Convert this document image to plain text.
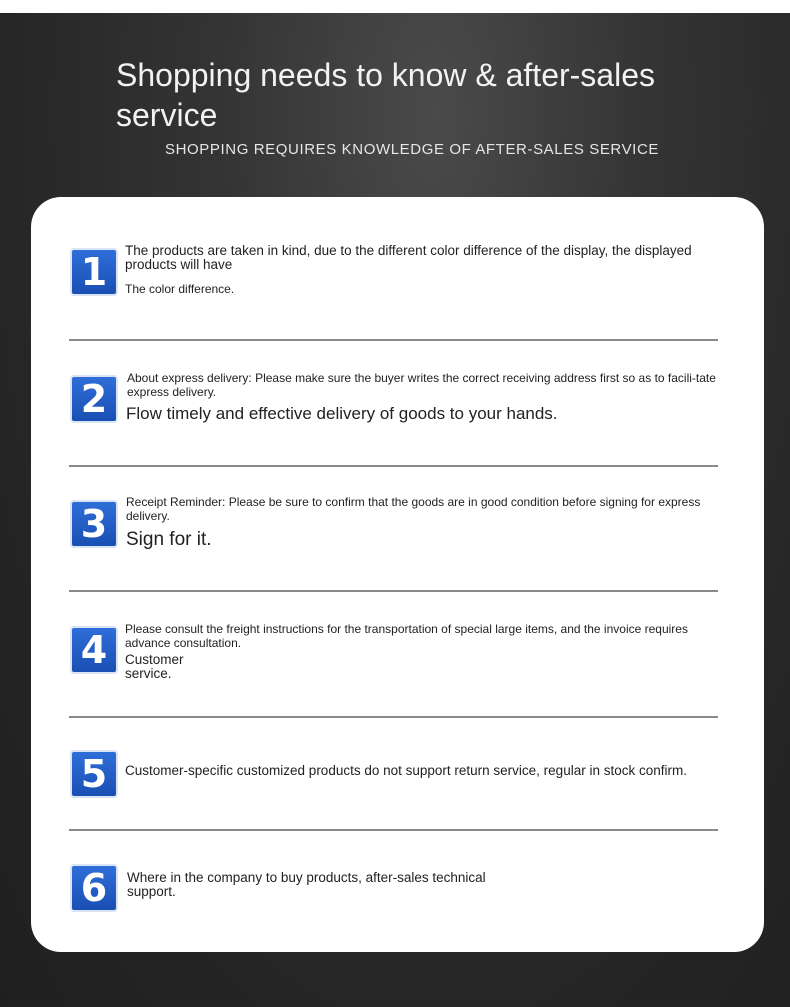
Shopping needs to know & after-sales service

SHOPPING REQUIRES KNOWLEDGE OF AFTER-SALES SERVICE

1	The products are taken in kind, due to the different color difference of the display, the displayed products will have

The color difference.

2	About express delivery: Please make sure the buyer writes the correct receiving address first so as to facili-tate express delivery.

Flow timely and effective delivery of goods to your hands.

3	Receipt Reminder: Please be sure to confirm that the goods are in good condition before signing for express delivery.

Sign for it.

4	Please consult the freight instructions for the transportation of special large items, and the invoice requires advance consultation.

Customer service.

5	Customer-specific customized products do not support return service, regular in stock confirm.

6	Where in the company to buy products, after-sales technical support.
